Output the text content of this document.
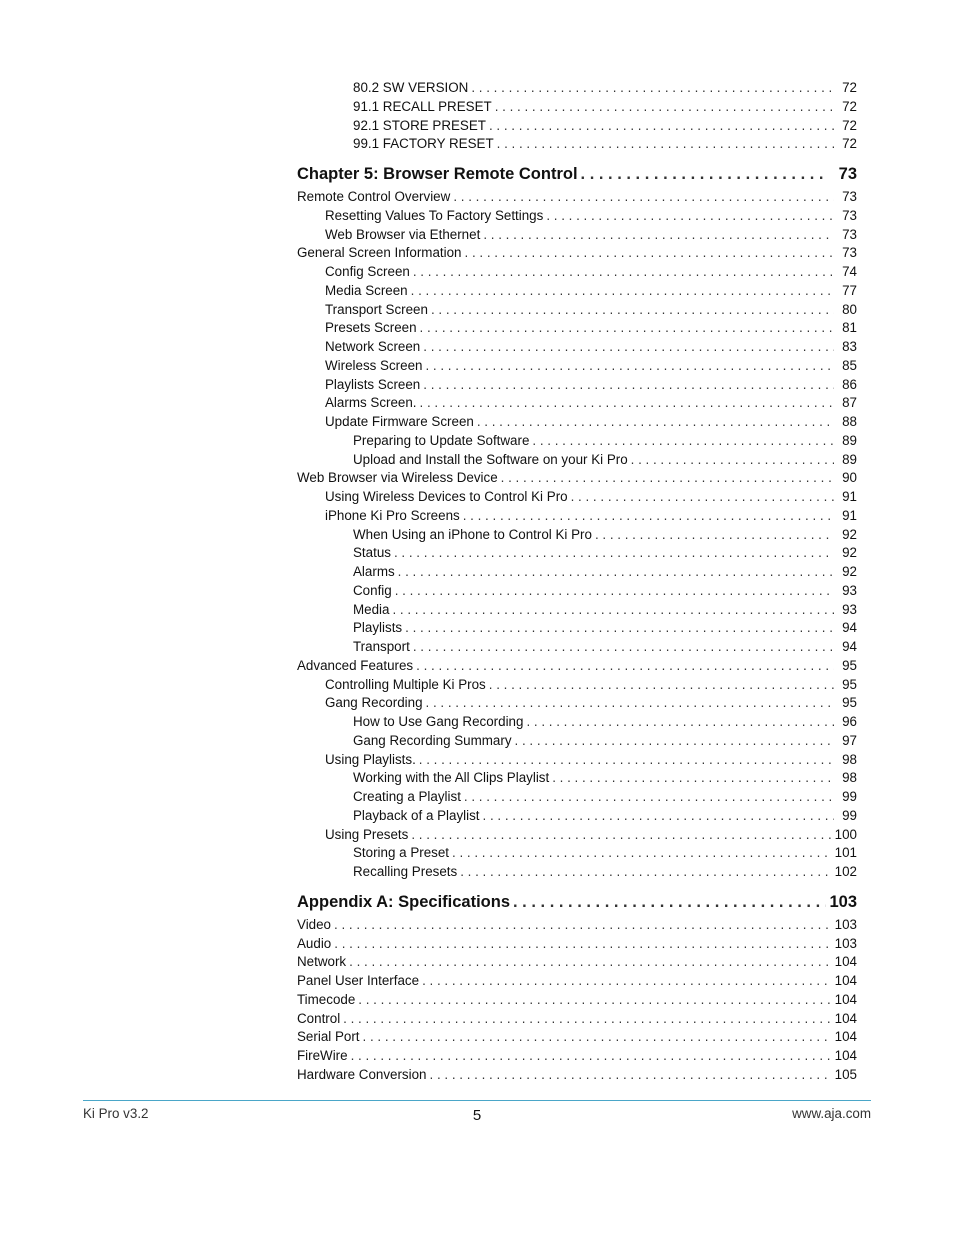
80.2 SW VERSION . . .	72
91.1 RECALL PRESET . . .	72
92.1 STORE PRESET . . .	72
99.1 FACTORY RESET . . .	72
Chapter 5: Browser Remote Control . . .	73
Remote Control Overview . . .	73
Resetting Values To Factory Settings . . .	73
Web Browser via Ethernet . . .	73
General Screen Information . . .	73
Config Screen . . .	74
Media Screen . . .	77
Transport Screen . . .	80
Presets Screen . . .	81
Network Screen . . .	83
Wireless Screen . . .	85
Playlists Screen . . .	86
Alarms Screen. . . .	87
Update Firmware Screen . . .	88
Preparing to Update Software . . .	89
Upload and Install the Software on your Ki Pro . . .	89
Web Browser via Wireless Device . . .	90
Using Wireless Devices to Control Ki Pro . . .	91
iPhone Ki Pro Screens . . .	91
When Using an iPhone to Control Ki Pro . . .	92
Status . . .	92
Alarms . . .	92
Config . . .	93
Media . . .	93
Playlists . . .	94
Transport . . .	94
Advanced Features . . .	95
Controlling Multiple Ki Pros . . .	95
Gang Recording . . .	95
How to Use Gang Recording . . .	96
Gang Recording Summary . . .	97
Using Playlists. . . .	98
Working with the All Clips Playlist . . .	98
Creating a Playlist . . .	99
Playback of a Playlist . . .	99
Using Presets . . .	100
Storing a Preset . . .	101
Recalling Presets . . .	102
Appendix A: Specifications . . .	103
Video . . .	103
Audio . . .	103
Network . . .	104
Panel User Interface . . .	104
Timecode . . .	104
Control . . .	104
Serial Port . . .	104
FireWire . . .	104
Hardware Conversion . . .	105
Ki Pro v3.2	5	www.aja.com
